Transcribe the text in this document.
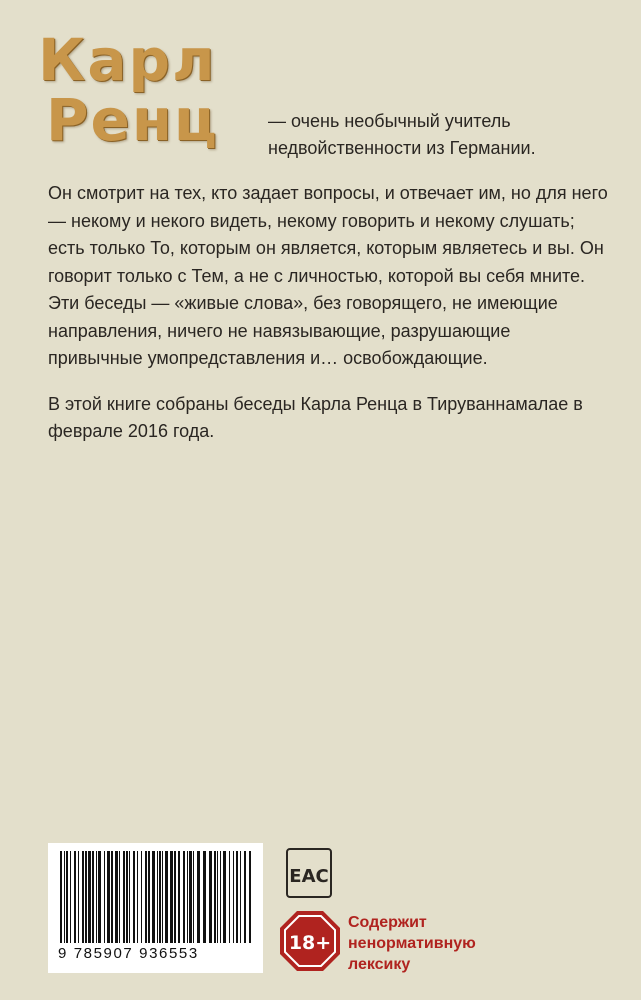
Карл
Ренц	— очень необычный учитель недвойственности из Германии.

Он смотрит на тех, кто задает вопросы, и отвечает им, но для него — некому и некого видеть, некому говорить и некому слушать; есть только То, которым он является, которым являетесь и вы. Он говорит только с Тем, а не с личностью, которой вы себя мните. Эти беседы — «живые слова», без говорящего, не имеющие направления, ничего не навязывающие, разрушающие привычные умопредставления и… освобождающие.

В этой книге собраны беседы Карла Ренца в Тируваннамалае в феврале 2016 года.

9 785907 936553
EAC
18+

Содержит
ненормативную
лексику
